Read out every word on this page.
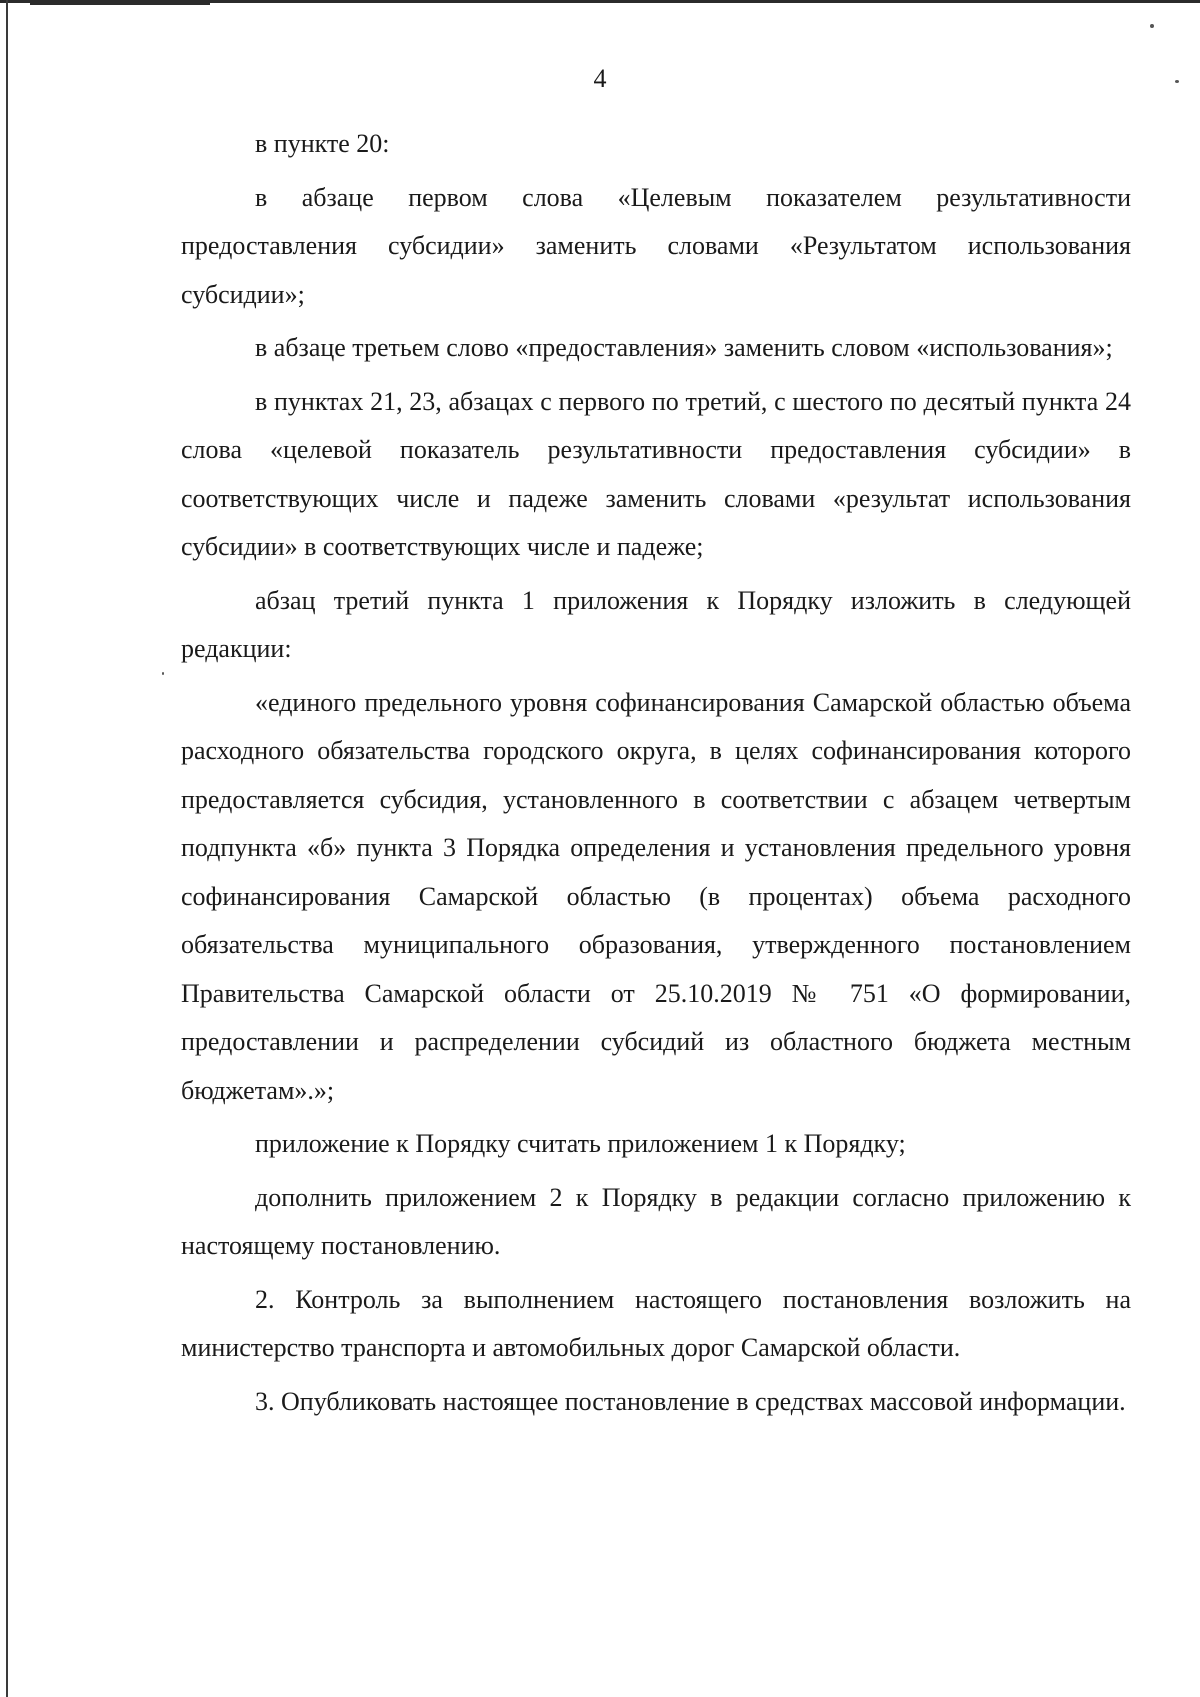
4

в пункте 20:

в абзаце первом слова «Целевым показателем результативности предоставления субсидии» заменить словами «Результатом использования субсидии»;

в абзаце третьем слово «предоставления» заменить словом «использования»;

в пунктах 21, 23, абзацах с первого по третий, с шестого по десятый пункта 24 слова «целевой показатель результативности предоставления субсидии» в соответствующих числе и падеже заменить словами «результат использования субсидии» в соответствующих числе и падеже;

абзац третий пункта 1 приложения к Порядку изложить в следующей редакции:

«единого предельного уровня софинансирования Самарской областью объема расходного обязательства городского округа, в целях софинансирования которого предоставляется субсидия, установленного в соответствии с абзацем четвертым подпункта «б» пункта 3 Порядка определения и установления предельного уровня софинансирования Самарской областью (в процентах) объема расходного обязательства муниципального образования, утвержденного постановлением Правительства Самарской области от 25.10.2019 № 751 «О формировании, предоставлении и распределении субсидий из областного бюджета местным бюджетам».»;

приложение к Порядку считать приложением 1 к Порядку;

дополнить приложением 2 к Порядку в редакции согласно приложению к настоящему постановлению.

2. Контроль за выполнением настоящего постановления возложить на министерство транспорта и автомобильных дорог Самарской области.

3. Опубликовать настоящее постановление в средствах массовой информации.
